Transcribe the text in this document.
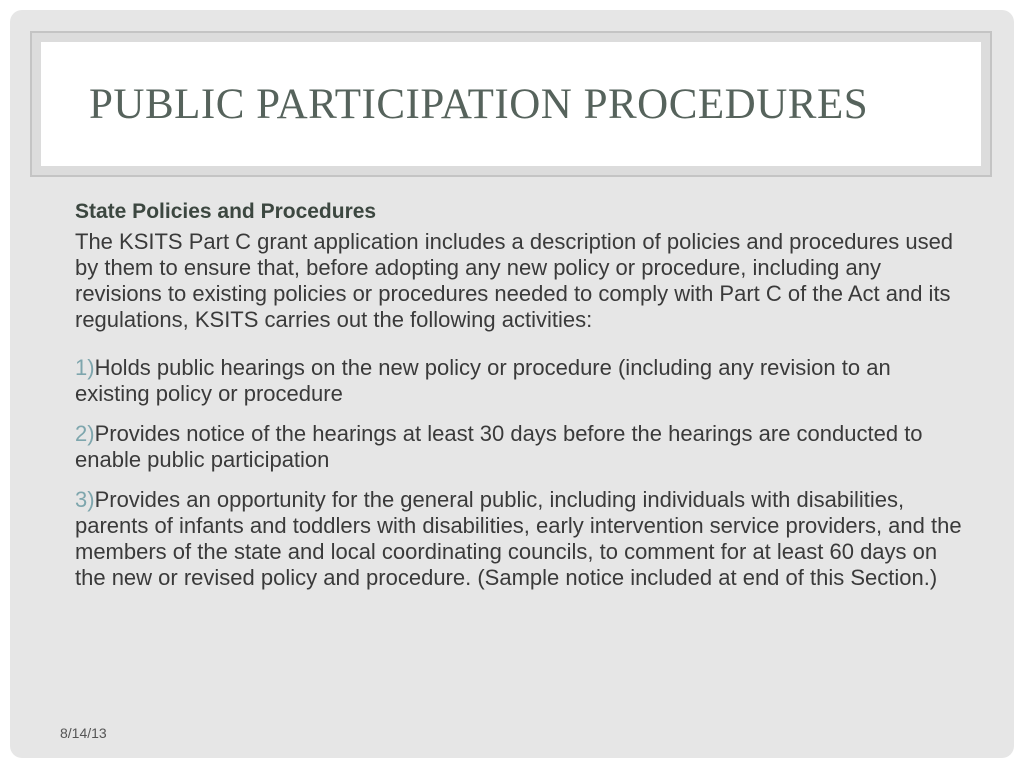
PUBLIC PARTICIPATION PROCEDURES

State Policies and Procedures

The KSITS Part C grant application includes a description of policies and procedures used by them to ensure that, before adopting any new policy or procedure, including any revisions to existing policies or procedures needed to comply with Part C of the Act and its regulations, KSITS carries out the following activities:

1)Holds public hearings on the new policy or procedure (including any revision to an existing policy or procedure

2)Provides notice of the hearings at least 30 days before the hearings are conducted to enable public participation

3)Provides an opportunity for the general public, including individuals with disabilities, parents of infants and toddlers with disabilities, early intervention service providers, and the members of the state and local coordinating councils, to comment for at least 60 days on the new or revised policy and procedure. (Sample notice included at end of this Section.)

8/14/13
